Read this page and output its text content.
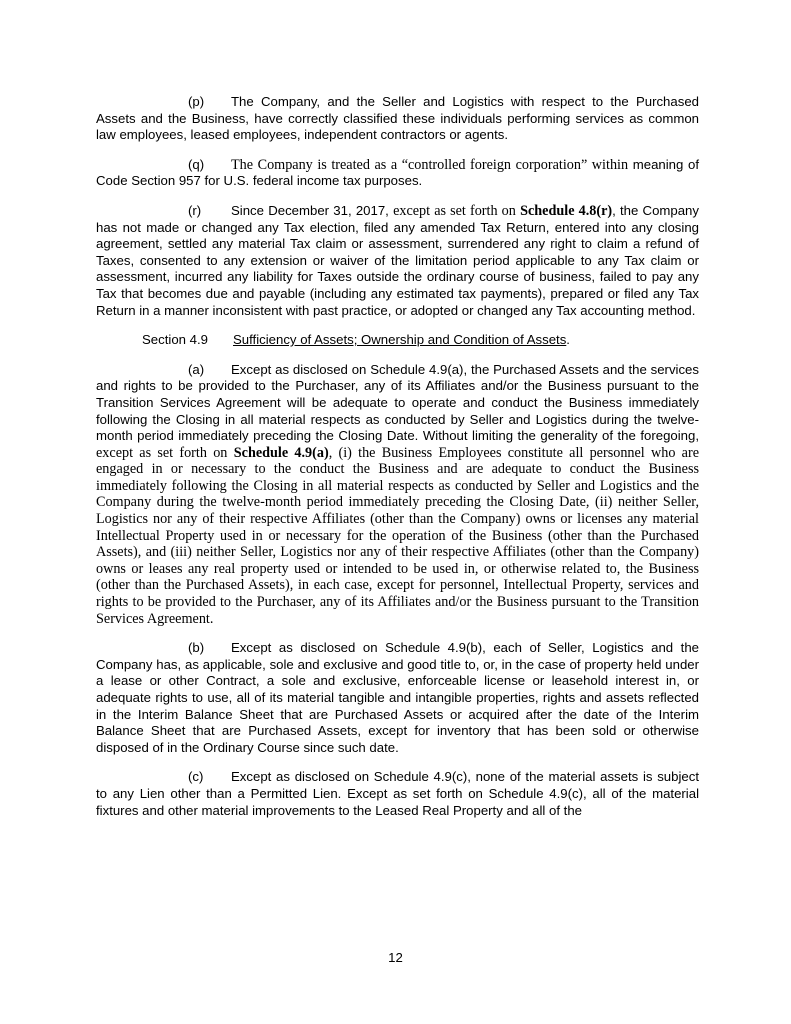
(p) The Company, and the Seller and Logistics with respect to the Purchased Assets and the Business, have correctly classified these individuals performing services as common law employees, leased employees, independent contractors or agents.

(q) The Company is treated as a “controlled foreign corporation” within meaning of Code Section 957 for U.S. federal income tax purposes.

(r) Since December 31, 2017, except as set forth on Schedule 4.8(r), the Company has not made or changed any Tax election, filed any amended Tax Return, entered into any closing agreement, settled any material Tax claim or assessment, surrendered any right to claim a refund of Taxes, consented to any extension or waiver of the limitation period applicable to any Tax claim or assessment, incurred any liability for Taxes outside the ordinary course of business, failed to pay any Tax that becomes due and payable (including any estimated tax payments), prepared or filed any Tax Return in a manner inconsistent with past practice, or adopted or changed any Tax accounting method.

Section 4.9 Sufficiency of Assets; Ownership and Condition of Assets.

(a) Except as disclosed on Schedule 4.9(a), the Purchased Assets and the services and rights to be provided to the Purchaser, any of its Affiliates and/or the Business pursuant to the Transition Services Agreement will be adequate to operate and conduct the Business immediately following the Closing in all material respects as conducted by Seller and Logistics during the twelve-month period immediately preceding the Closing Date. Without limiting the generality of the foregoing, except as set forth on Schedule 4.9(a), (i) the Business Employees constitute all personnel who are engaged in or necessary to the conduct the Business and are adequate to conduct the Business immediately following the Closing in all material respects as conducted by Seller and Logistics and the Company during the twelve-month period immediately preceding the Closing Date, (ii) neither Seller, Logistics nor any of their respective Affiliates (other than the Company) owns or licenses any material Intellectual Property used in or necessary for the operation of the Business (other than the Purchased Assets), and (iii) neither Seller, Logistics nor any of their respective Affiliates (other than the Company) owns or leases any real property used or intended to be used in, or otherwise related to, the Business (other than the Purchased Assets), in each case, except for personnel, Intellectual Property, services and rights to be provided to the Purchaser, any of its Affiliates and/or the Business pursuant to the Transition Services Agreement.

(b) Except as disclosed on Schedule 4.9(b), each of Seller, Logistics and the Company has, as applicable, sole and exclusive and good title to, or, in the case of property held under a lease or other Contract, a sole and exclusive, enforceable license or leasehold interest in, or adequate rights to use, all of its material tangible and intangible properties, rights and assets reflected in the Interim Balance Sheet that are Purchased Assets or acquired after the date of the Interim Balance Sheet that are Purchased Assets, except for inventory that has been sold or otherwise disposed of in the Ordinary Course since such date.

(c) Except as disclosed on Schedule 4.9(c), none of the material assets is subject to any Lien other than a Permitted Lien. Except as set forth on Schedule 4.9(c), all of the material fixtures and other material improvements to the Leased Real Property and all of the

12
